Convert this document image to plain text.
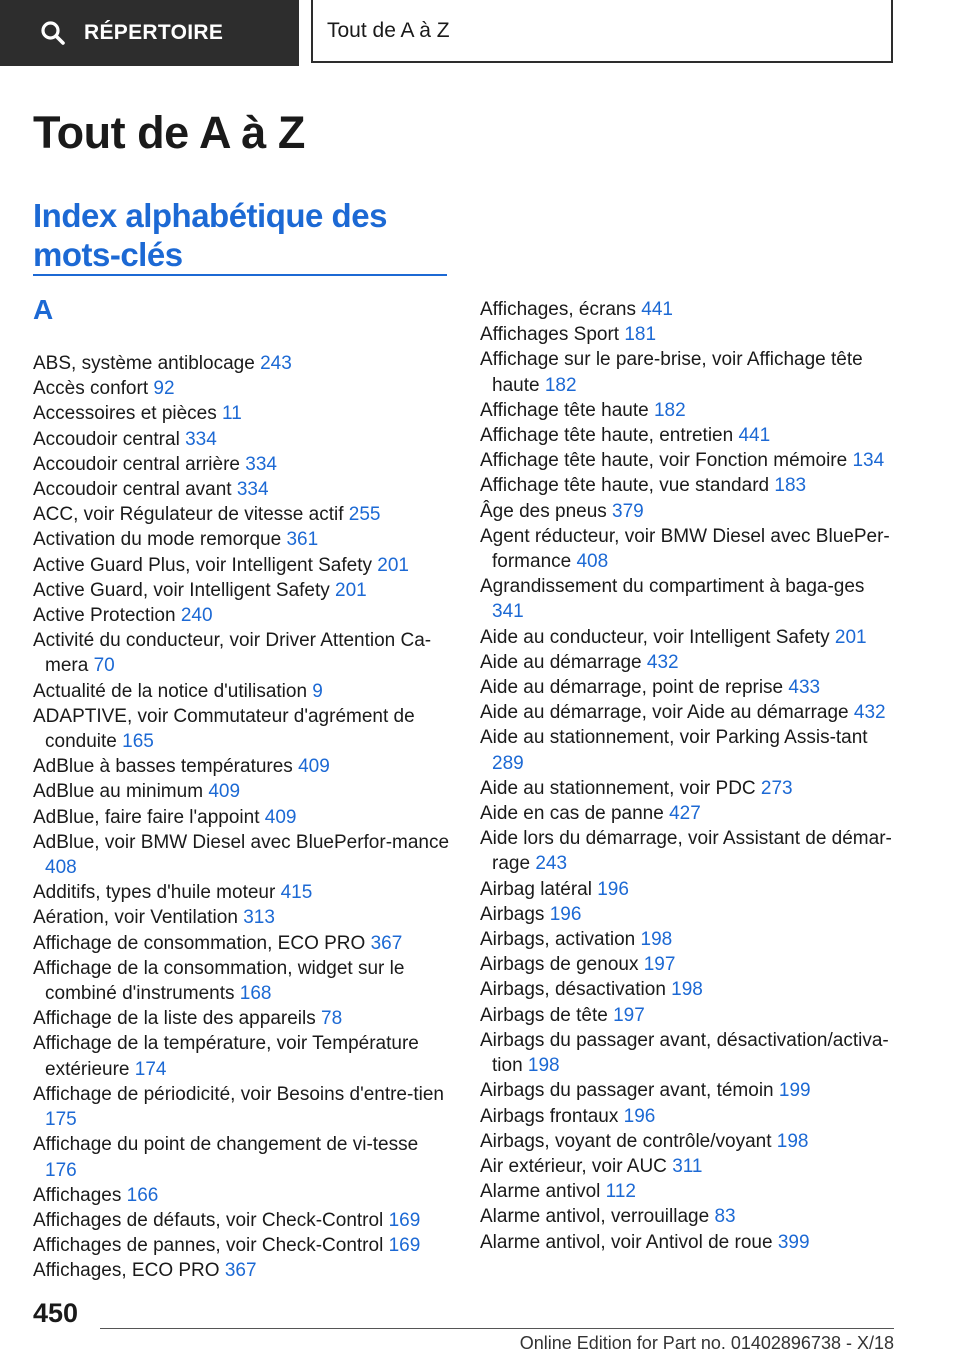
RÉPERTOIRE	Tout de A à Z
Tout de A à Z
Index alphabétique des mots-clés
A
ABS, système antiblocage 243
Accès confort 92
Accessoires et pièces 11
Accoudoir central 334
Accoudoir central arrière 334
Accoudoir central avant 334
ACC, voir Régulateur de vitesse actif 255
Activation du mode remorque 361
Active Guard Plus, voir Intelligent Safety 201
Active Guard, voir Intelligent Safety 201
Active Protection 240
Activité du conducteur, voir Driver Attention Ca-mera 70
Actualité de la notice d'utilisation 9
ADAPTIVE, voir Commutateur d'agrément de conduite 165
AdBlue à basses températures 409
AdBlue au minimum 409
AdBlue, faire faire l'appoint 409
AdBlue, voir BMW Diesel avec BluePerfor-mance 408
Additifs, types d'huile moteur 415
Aération, voir Ventilation 313
Affichage de consommation, ECO PRO 367
Affichage de la consommation, widget sur le combiné d'instruments 168
Affichage de la liste des appareils 78
Affichage de la température, voir Température extérieure 174
Affichage de périodicité, voir Besoins d'entre-tien 175
Affichage du point de changement de vi-tesse 176
Affichages 166
Affichages de défauts, voir Check-Control 169
Affichages de pannes, voir Check-Control 169
Affichages, ECO PRO 367
Affichages, écrans 441
Affichages Sport 181
Affichage sur le pare-brise, voir Affichage tête haute 182
Affichage tête haute 182
Affichage tête haute, entretien 441
Affichage tête haute, voir Fonction mémoire 134
Affichage tête haute, vue standard 183
Âge des pneus 379
Agent réducteur, voir BMW Diesel avec BluePer-formance 408
Agrandissement du compartiment à baga-ges 341
Aide au conducteur, voir Intelligent Safety 201
Aide au démarrage 432
Aide au démarrage, point de reprise 433
Aide au démarrage, voir Aide au démarrage 432
Aide au stationnement, voir Parking Assis-tant 289
Aide au stationnement, voir PDC 273
Aide en cas de panne 427
Aide lors du démarrage, voir Assistant de démar-rage 243
Airbag latéral 196
Airbags 196
Airbags, activation 198
Airbags de genoux 197
Airbags, désactivation 198
Airbags de tête 197
Airbags du passager avant, désactivation/activa-tion 198
Airbags du passager avant, témoin 199
Airbags frontaux 196
Airbags, voyant de contrôle/voyant 198
Air extérieur, voir AUC 311
Alarme antivol 112
Alarme antivol, verrouillage 83
Alarme antivol, voir Antivol de roue 399
450
Online Edition for Part no. 01402896738 - X/18
